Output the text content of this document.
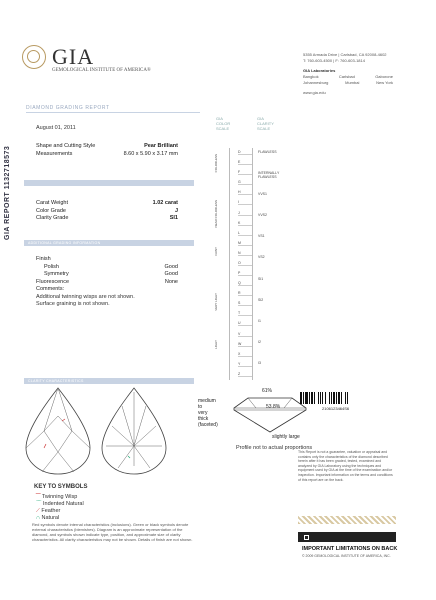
GIA
GEMOLOGICAL INSTITUTE OF AMERICA®
5355 Armada Drive | Carlsbad, CA 92008-4602
T: 760-603-4500 | F: 760-603-1814
GIA Laboratories
Bangkok	Carlsbad	Gaborone
Johannesburg	Mumbai	New York
www.gia.edu
DIAMOND GRADING REPORT
GIA REPORT 1132718573
August 01, 2011
Shape and Cutting Style	Pear Brilliant
Measurements	8.60 x 5.90 x 3.17 mm
Carat Weight	1.02 carat
Color Grade	J
Clarity Grade	SI1
ADDITIONAL GRADING INFORMATION
Finish
Polish	Good
Symmetry	Good
Fluorescence	None
Comments:
Additional twinning wisps are not shown.
Surface graining is not shown.
GIA
COLOR
SCALE
GIA
CLARITY
SCALE
D
E
F
G
H
I
J
K
L
M
N
O
P
Q
R
S
T
U
V
W
X
Y
Z
FLAWLESS
INTERNALLY FLAWLESS
VVS1
VVS2
VS1
VS2
SI1
SI2
I1
I2
I3
COLORLESS
NEAR COLORLESS
FAINT
VERY LIGHT
LIGHT
CLARITY CHARACTERISTICS
61%
53.8%
medium
to
very
thick
(faceted)
slightly large
Profile not to actual proportions
2106123464S6
KEY TO SYMBOLS
⁀ Twinning Wisp
⌒ Indented Natural
⟋ Feather
∩ Natural
Red symbols denote internal characteristics (inclusions). Green or black symbols denote external characteristics (blemishes). Diagram is an approximate representation of the diamond, and symbols shown indicate type, position, and approximate size of clarity characteristics. All clarity characteristics may not be shown. Details of finish are not shown.
This Report is not a guarantee, valuation or appraisal and contains only the characteristics of the diamond described herein after it has been graded, tested, examined and analyzed by GIA Laboratory using the techniques and equipment used by GIA at the time of the examination and/or inspection. Important information on the terms and conditions of this report are on the back.
IMPORTANT LIMITATIONS ON BACK
© 2009 GEMOLOGICAL INSTITUTE OF AMERICA, INC.
